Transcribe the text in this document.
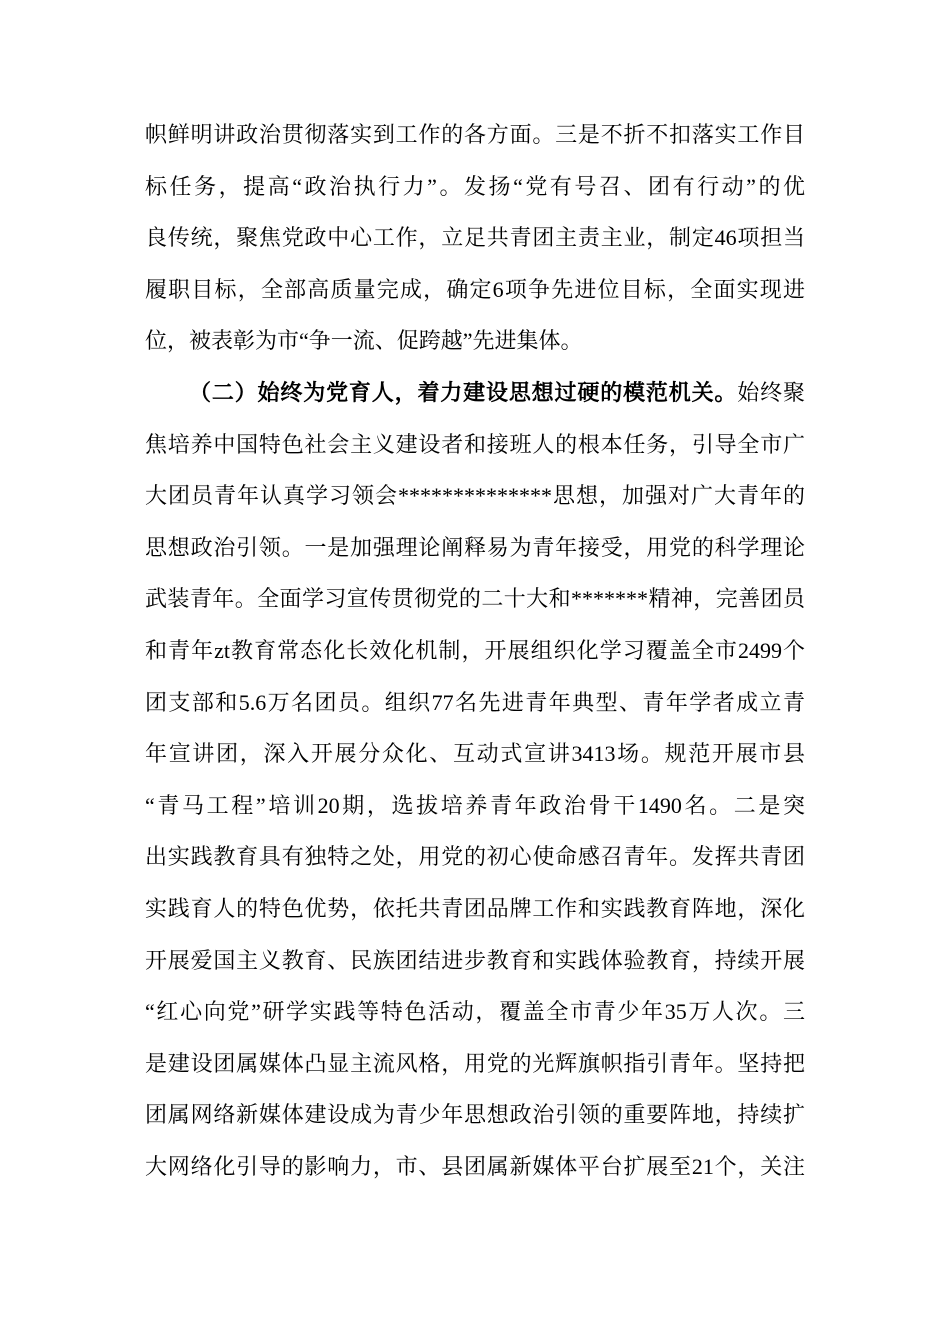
帜鲜明讲政治贯彻落实到工作的各方面。三是不折不扣落实工作目
标任务，提高“政治执行力”。发扬“党有号召、团有行动”的优
良传统，聚焦党政中心工作，立足共青团主责主业，制定46项担当
履职目标，全部高质量完成，确定6项争先进位目标，全面实现进
位，被表彰为市“争一流、促跨越”先进集体。
（二）始终为党育人，着力建设思想过硬的模范机关。始终聚
焦培养中国特色社会主义建设者和接班人的根本任务，引导全市广
大团员青年认真学习领会**************思想，加强对广大青年的
思想政治引领。一是加强理论阐释易为青年接受，用党的科学理论
武装青年。全面学习宣传贯彻党的二十大和*******精神，完善团员
和青年zt教育常态化长效化机制，开展组织化学习覆盖全市2499个
团支部和5.6万名团员。组织77名先进青年典型、青年学者成立青
年宣讲团，深入开展分众化、互动式宣讲3413场。规范开展市县
“青马工程”培训20期，选拔培养青年政治骨干1490名。二是突
出实践教育具有独特之处，用党的初心使命感召青年。发挥共青团
实践育人的特色优势，依托共青团品牌工作和实践教育阵地，深化
开展爱国主义教育、民族团结进步教育和实践体验教育，持续开展
“红心向党”研学实践等特色活动，覆盖全市青少年35万人次。三
是建设团属媒体凸显主流风格，用党的光辉旗帜指引青年。坚持把
团属网络新媒体建设成为青少年思想政治引领的重要阵地，持续扩
大网络化引导的影响力，市、县团属新媒体平台扩展至21个，关注
